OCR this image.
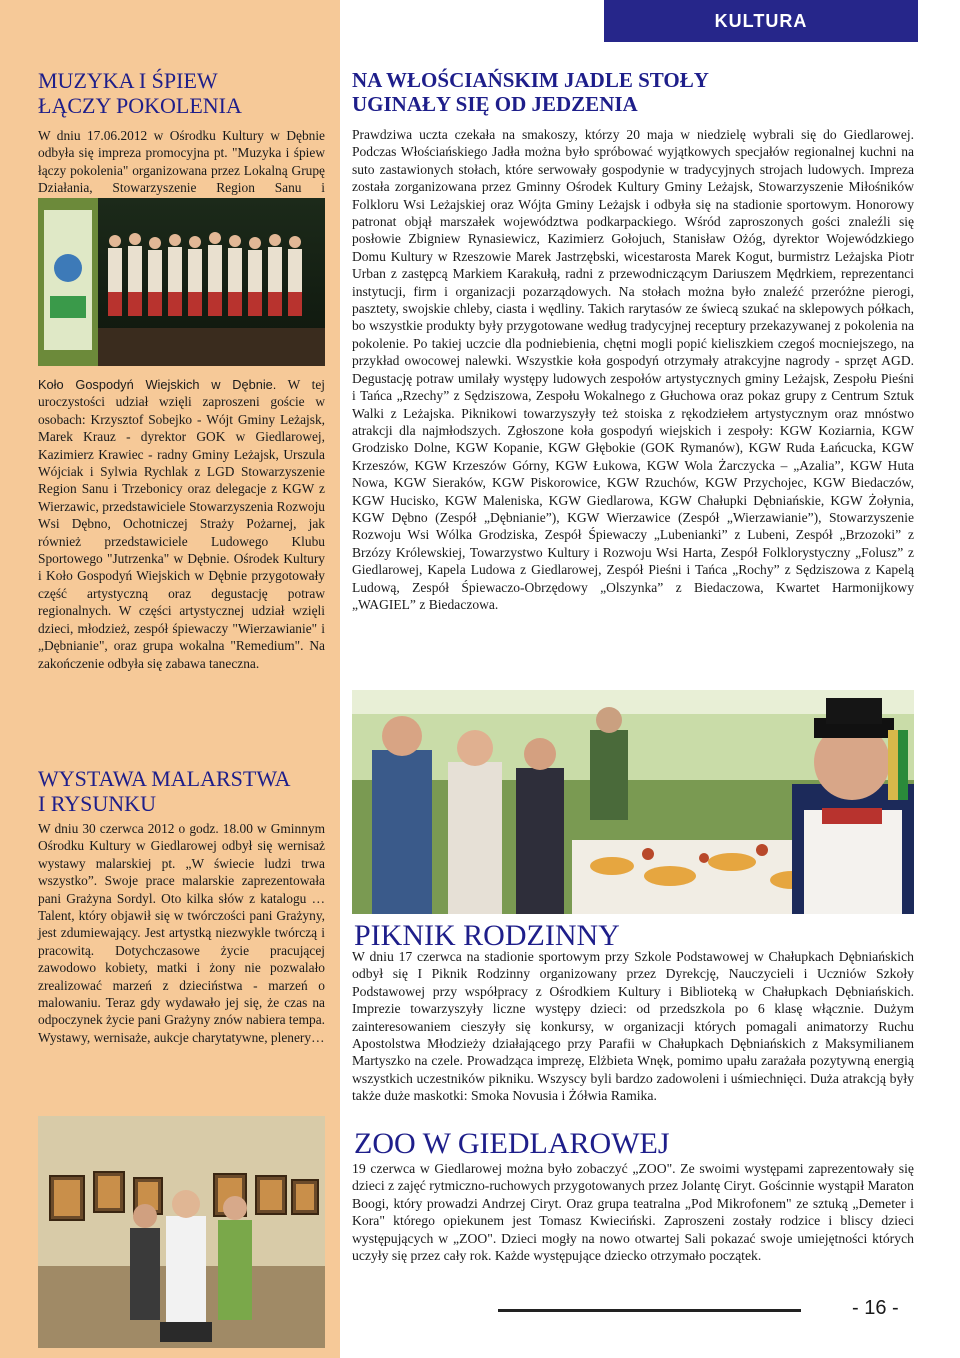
KULTURA
MUZYKA I ŚPIEW
ŁĄCZY POKOLENIA

W dniu 17.06.2012 w Ośrodku Kultury w Dębnie odbyła się impreza promocyjna pt. "Muzyka i śpiew łączy pokolenia" organizowana przez Lokalną Grupę Działania, Stowarzyszenie Region Sanu i

Koło Gospodyń Wiejskich w Dębnie. W tej uroczystości udział wzięli zaproszeni goście w osobach: Krzysztof Sobejko - Wójt Gminy Leżajsk, Marek Krauz - dyrektor GOK w Giedlarowej, Kazimierz Krawiec - radny Gminy Leżajsk, Urszula Wójciak i Sylwia Rychlak z LGD Stowarzyszenie Region Sanu i Trzebonicy oraz delegacje z KGW z Wierzawic, przedstawiciele Stowarzyszenia Rozwoju Wsi Dębno, Ochotniczej Straży Pożarnej, jak również przedstawiciele Ludowego Klubu Sportowego "Jutrzenka" w Dębnie. Ośrodek Kultury i Koło Gospodyń Wiejskich w Dębnie przygotowały część artystyczną oraz degustację potraw regionalnych. W części artystycznej udział wzięli dzieci, młodzież, zespół śpiewaczy "Wierzawianie" i „Dębnianie", oraz grupa wokalna "Remedium". Na zakończenie odbyła się zabawa taneczna.

WYSTAWA MALARSTWA
I RYSUNKU

W dniu 30 czerwca 2012 o godz. 18.00 w Gminnym Ośrodku Kultury w Giedlarowej odbył się wernisaż wystawy malarskiej pt. „W świecie ludzi trwa wszystko”. Swoje prace malarskie zaprezentowała pani Grażyna Sordyl. Oto kilka słów z katalogu …Talent, który objawił się w twórczości pani Grażyny, jest zdumiewający. Jest artystką niezwykle twórczą i pracowitą. Dotychczasowe życie pracującej zawodowo kobiety, matki i żony nie pozwalało zrealizować marzeń z dzieciństwa - marzeń o malowaniu. Teraz gdy wydawało jej się, że czas na odpoczynek życie pani Grażyny znów nabiera tempa. Wystawy, wernisaże, aukcje charytatywne, plenery…

NA WŁOŚCIAŃSKIM JADLE STOŁY
UGINAŁY SIĘ OD JEDZENIA

Prawdziwa uczta czekała na smakoszy, którzy 20 maja w niedzielę wybrali się do Giedlarowej. Podczas Włościańskiego Jadła można było spróbować wyjątkowych specjałów regionalnej kuchni na suto zastawionych stołach, które serwowały gospodynie w tradycyjnych strojach ludowych. Impreza została zorganizowana przez Gminny Ośrodek Kultury Gminy Leżajsk, Stowarzyszenie Miłośników Folkloru Wsi Leżajskiej oraz Wójta Gminy Leżajsk i odbyła się na stadionie sportowym. Honorowy patronat objął marszałek województwa podkarpackiego. Wśród zaproszonych gości znaleźli się posłowie Zbigniew Rynasiewicz, Kazimierz Gołojuch, Stanisław Ożóg, dyrektor Wojewódzkiego Domu Kultury w Rzeszowie Marek Jastrzębski, wicestarosta Marek Kogut, burmistrz Leżajska Piotr Urban z zastępcą Markiem Karakułą, radni z przewodniczącym Dariuszem Mędrkiem, reprezentanci instytucji, firm i organizacji pozarządowych. Na stołach można było znaleźć przeróżne pierogi, pasztety, swojskie chleby, ciasta i wędliny. Takich rarytasów ze świecą szukać na sklepowych półkach, bo wszystkie produkty były przygotowane według tradycyjnej receptury przekazywanej z pokolenia na pokolenie. Po takiej uczcie dla podniebienia, chętni mogli popić kieliszkiem czegoś mocniejszego, na przykład owocowej nalewki. Wszystkie koła gospodyń otrzymały atrakcyjne nagrody - sprzęt AGD. Degustację potraw umilały występy ludowych zespołów artystycznych gminy Leżajsk, Zespołu Pieśni i Tańca „Rzechy” z Sędziszowa, Zespołu Wokalnego z Głuchowa oraz pokaz grupy z Centrum Sztuk Walki z Leżajska. Piknikowi towarzyszyły też stoiska z rękodziełem artystycznym oraz mnóstwo atrakcji dla najmłodszych. Zgłoszone koła gospodyń wiejskich i zespoły: KGW Koziarnia, KGW Grodzisko Dolne, KGW Kopanie, KGW Głębokie (GOK Rymanów), KGW Ruda Łańcucka, KGW Krzeszów, KGW Krzeszów Górny, KGW Łukowa, KGW Wola Żarczycka – „Azalia”, KGW Huta Nowa, KGW Sieraków, KGW Piskorowice, KGW Rzuchów, KGW Przychojec, KGW Biedaczów, KGW Hucisko, KGW Maleniska, KGW Giedlarowa, KGW Chałupki Dębniańskie, KGW Żołynia, KGW Dębno (Zespół „Dębnianie”), KGW Wierzawice (Zespół „Wierzawianie”), Stowarzyszenie Rozwoju Wsi Wólka Grodziska, Zespół Śpiewaczy „Lubenianki” z Lubeni, Zespół „Brzozoki” z Brzózy Królewskiej, Towarzystwo Kultury i Rozwoju Wsi Harta, Zespół Folklorystyczny „Folusz” z Giedlarowej, Kapela Ludowa z Giedlarowej, Zespół Pieśni i Tańca „Rochy” z Sędziszowa z Kapelą Ludową, Zespół Śpiewaczo-Obrzędowy „Olszynka” z Biedaczowa, Kwartet Harmonijkowy „WAGIEL” z Biedaczowa.

PIKNIK RODZINNY

W dniu 17 czerwca na stadionie sportowym przy Szkole Podstawowej w Chałupkach Dębniańskich odbył się I Piknik Rodzinny organizowany przez Dyrekcję, Nauczycieli i Uczniów Szkoły Podstawowej przy współpracy z Ośrodkiem Kultury i Biblioteką w Chałupkach Dębniańskich. Imprezie towarzyszyły liczne występy dzieci: od przedszkola po 6 klasę włącznie. Dużym zainteresowaniem cieszyły się konkursy, w organizacji których pomagali animatorzy Ruchu Apostolstwa Młodzieży działającego przy Parafii w Chałupkach Dębniańskich z Maksymilianem Martyszko na czele. Prowadząca imprezę, Elżbieta Wnęk, pomimo upału zarażała pozytywną energią wszystkich uczestników pikniku. Wszyscy byli bardzo zadowoleni i uśmiechnięci. Duża atrakcją były także duże maskotki: Smoka Novusia i Żółwia Ramika.

ZOO W GIEDLAROWEJ

19 czerwca w Giedlarowej można było zobaczyć „ZOO". Ze swoimi występami zaprezentowały się dzieci z zajęć rytmiczno-ruchowych przygotowanych przez Jolantę Ciryt. Gościnnie wystąpił Maraton Boogi, który prowadzi Andrzej Ciryt. Oraz grupa teatralna „Pod Mikrofonem" ze sztuką „Demeter i Kora" którego opiekunem jest Tomasz Kwieciński. Zaproszeni zostały rodzice i bliscy dzieci występujących w „ZOO". Dzieci mogły na nowo otwartej Sali pokazać swoje umiejętności których uczyły się przez cały rok. Każde występujące dziecko otrzymało początek.

- 16 -
